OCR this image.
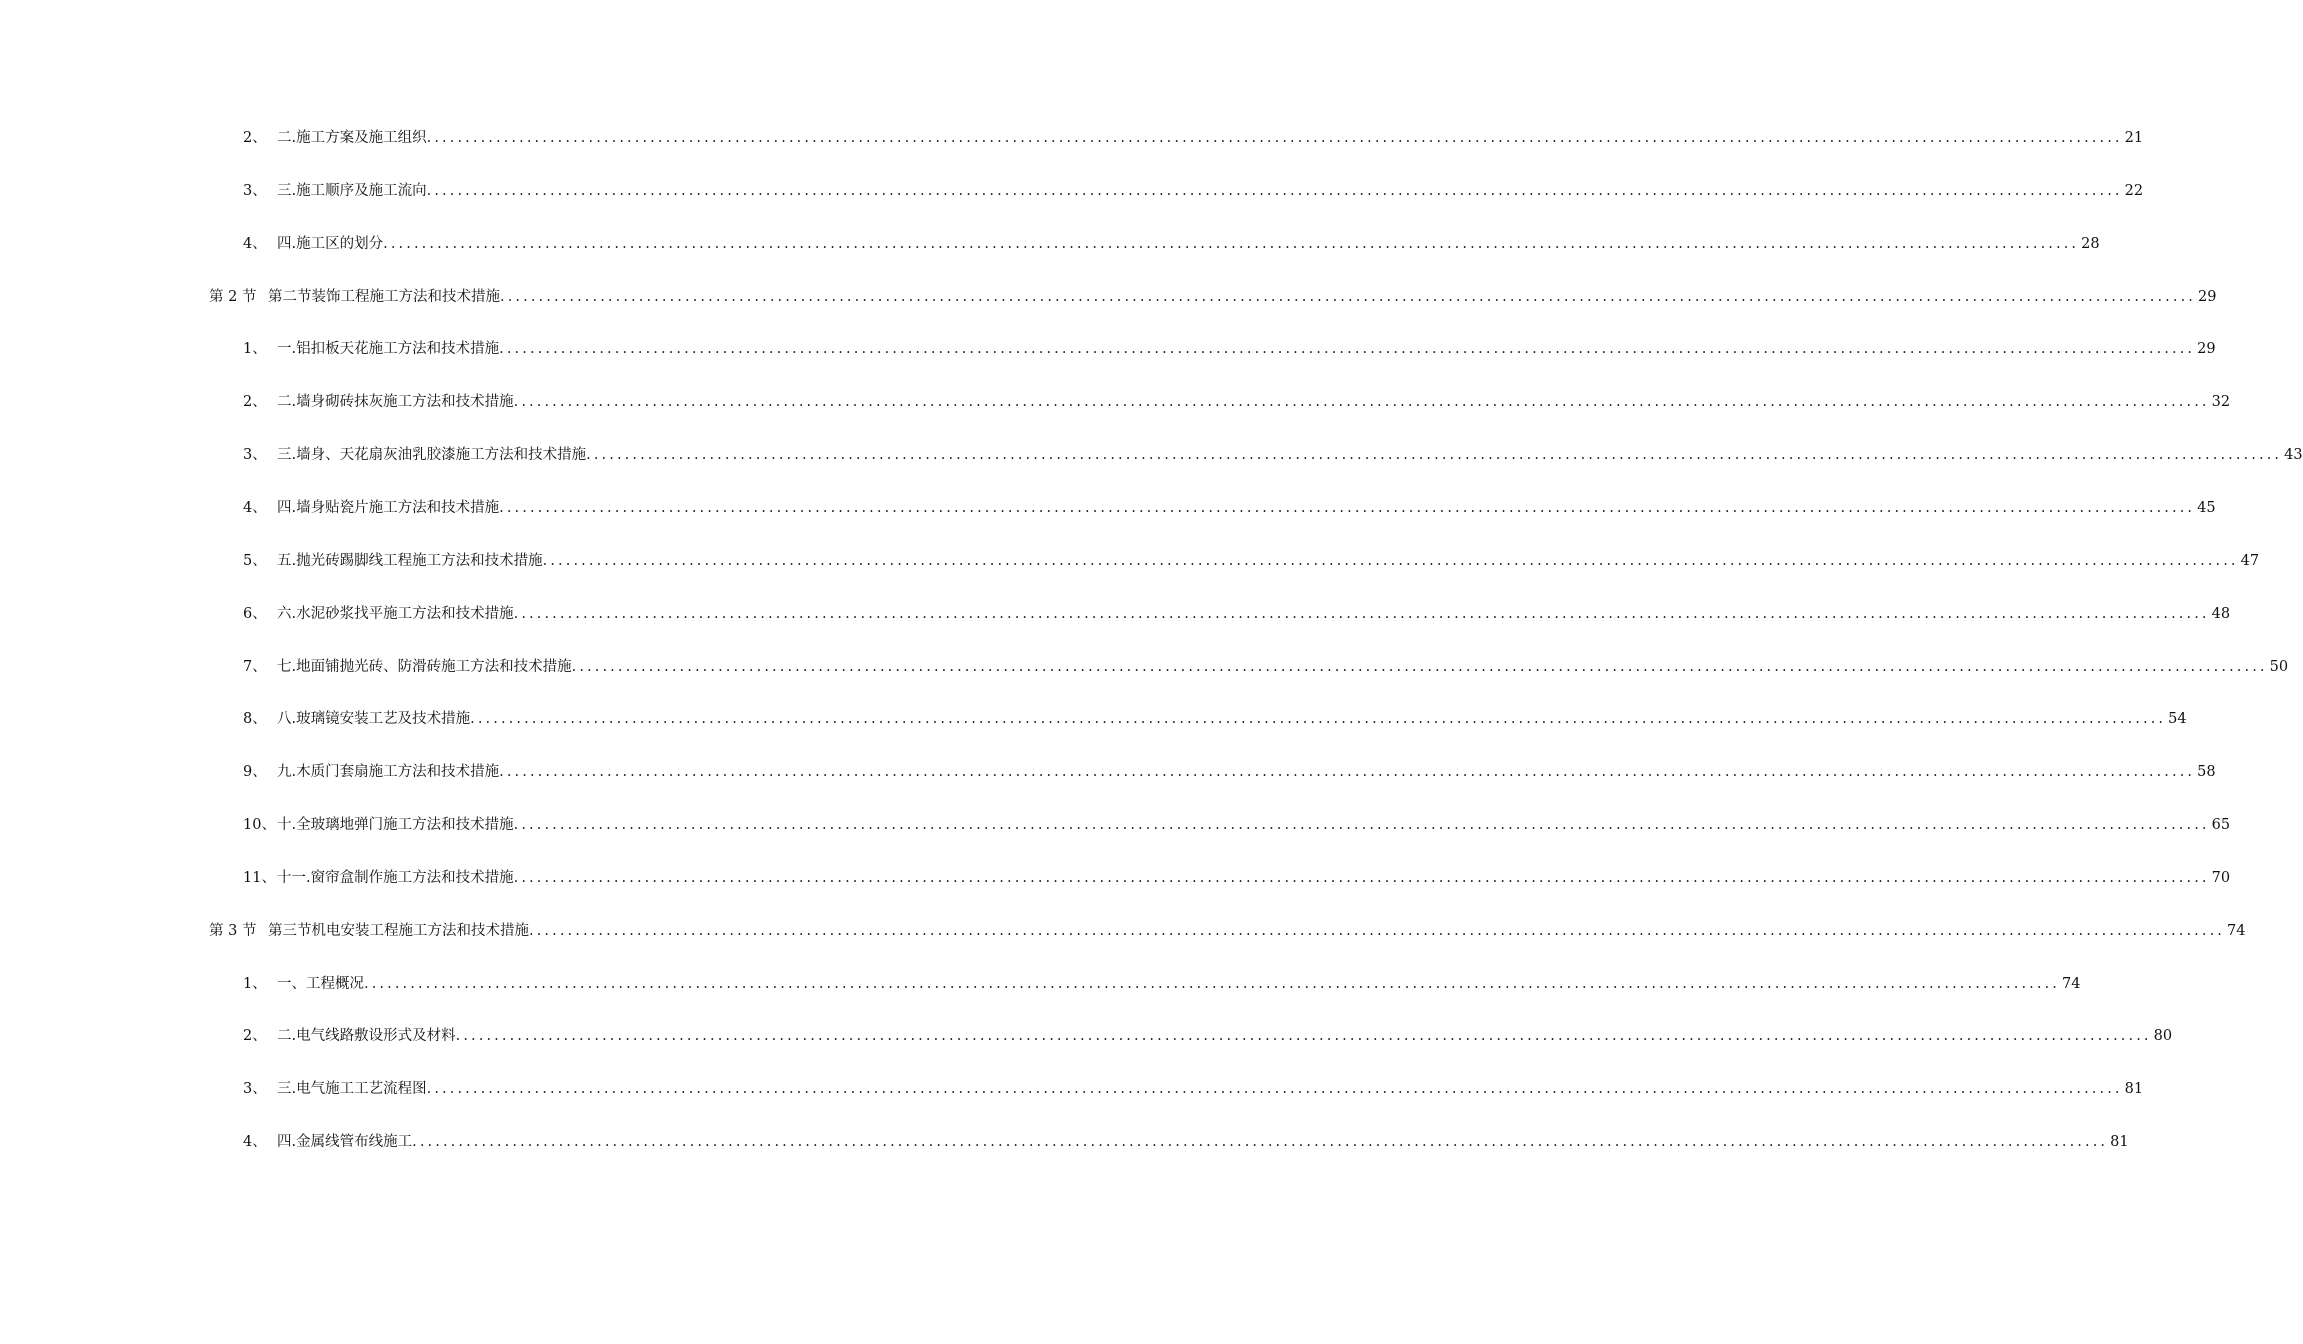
2、 二.施工方案及施工组织 ............................................................................................................................................................................................................................ 21
3、 三.施工顺序及施工流向 ............................................................................................................................................................................................................................ 22
4、 四.施工区的划分 ............................................................................................................................................................................................................................ 28
第 2 节 第二节装饰工程施工方法和技术措施 ............................................................................................................................................................................................................................ 29
1、 一.铝扣板天花施工方法和技术措施 ............................................................................................................................................................................................................................ 29
2、 二.墙身砌砖抹灰施工方法和技术措施 ............................................................................................................................................................................................................................ 32
3、 三.墙身、天花扇灰油乳胶漆施工方法和技术措施 ............................................................................................................................................................................................................................ 43
4、 四.墙身贴瓷片施工方法和技术措施 ............................................................................................................................................................................................................................ 45
5、 五.抛光砖踢脚线工程施工方法和技术措施 ............................................................................................................................................................................................................................ 47
6、 六.水泥砂浆找平施工方法和技术措施 ............................................................................................................................................................................................................................ 48
7、 七.地面铺抛光砖、防滑砖施工方法和技术措施 ............................................................................................................................................................................................................................ 50
8、 八.玻璃镜安装工艺及技术措施 ............................................................................................................................................................................................................................ 54
9、 九.木质门套扇施工方法和技术措施 ............................................................................................................................................................................................................................ 58
10、 十.全玻璃地弹门施工方法和技术措施 ............................................................................................................................................................................................................................ 65
11、 十一.窗帘盒制作施工方法和技术措施 ............................................................................................................................................................................................................................ 70
第 3 节 第三节机电安装工程施工方法和技术措施 ............................................................................................................................................................................................................................ 74
1、 一、工程概况 ............................................................................................................................................................................................................................ 74
2、 二.电气线路敷设形式及材料 ............................................................................................................................................................................................................................ 80
3、 三.电气施工工艺流程图 ............................................................................................................................................................................................................................ 81
4、 四.金属线管布线施工 ............................................................................................................................................................................................................................ 81
